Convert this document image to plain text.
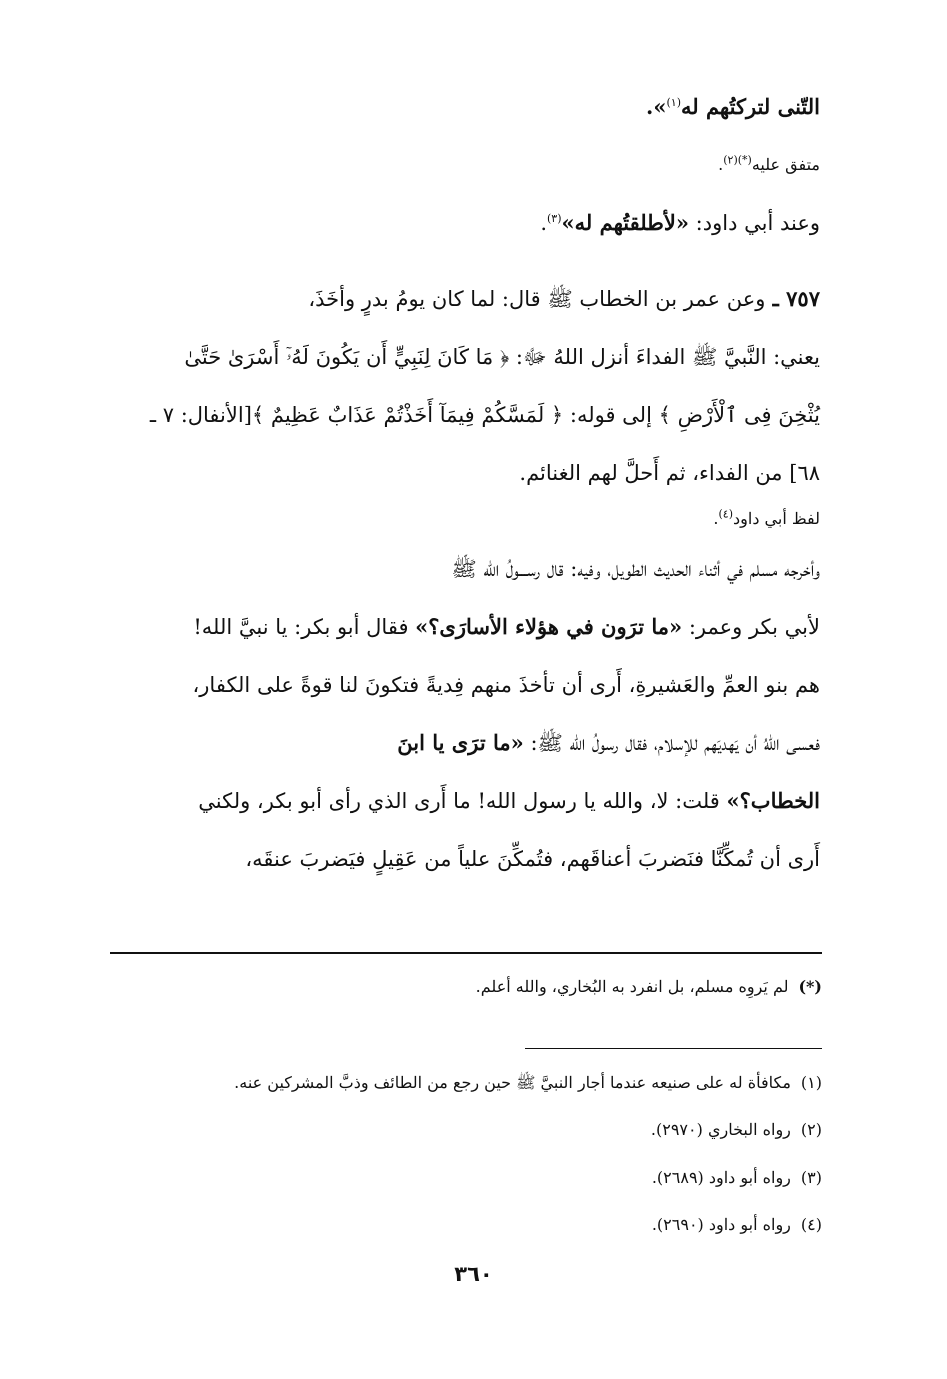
التّنى لتركتُهم له$^{(١)}$».

متفق عليه$^{(*)(٢)}$.

وعند أبي داود: «لأطلقتُهم له»$^{(٣)}$.

٧٥٧ ـ وعن عمر بن الخطاب ﷺ قال: لما كان يومُ بدرٍ وأخَذَ،

يعني: النَّبيَّ ﷺ الفداءَ أنزل اللهُ ﷻ: ﴿ مَا كَانَ لِنَبِيٍّ أَن يَكُونَ لَهُۥٓ أَسْرَىٰ حَتَّىٰ

يُثْخِنَ فِى ٱلْأَرْضِ ﴾ إلى قوله: ﴿ لَمَسَّكُمْ فِيمَآ أَخَذْتُمْ عَذَابٌ عَظِيمٌ ﴾[الأنفال: ٧ ـ

٦٨] من الفداء، ثم أَحلَّ لهم الغنائم.

لفظ أبي داود$^{(٤)}$.

وأخرجه مسلم في أثناء الحديث الطويل، وفيه: قال رســـولُ الله ﷺ

لأبي بكر وعمر: «ما ترَون في هؤلاء الأسارَى؟» فقال أبو بكر: يا نبيَّ الله!

هم بنو العمِّ والعَشيرةِ، أَرى أن تأخذَ منهم فِديةً فتكونَ لنا قوةً على الكفار،

فعسى اللهُ أن يَهديَهم للإسلام، فقال رسولُ الله ﷺ: «ما ترَى يا ابنَ

الخطاب؟» قلت: لا، والله يا رسول الله! ما أَرى الذي رأى أبو بكر، ولكني

أَرى أن تُمكِّنَّا فنَضربَ أعناقَهم، فتُمكِّنَ علياً من عَقِيلٍ فيَضربَ عنقَه،

(*)لم يَروِه مسلم، بل انفرد به البُخاري، والله أعلم.

(١)مكافأة له على صنيعه عندما أجار النبيَّ ﷺ حين رجع من الطائف وذبَّ المشركين عنه.

(٢)رواه البخاري (٢٩٧٠).

(٣)رواه أبو داود (٢٦٨٩).

(٤)رواه أبو داود (٢٦٩٠).

٣٦٠
